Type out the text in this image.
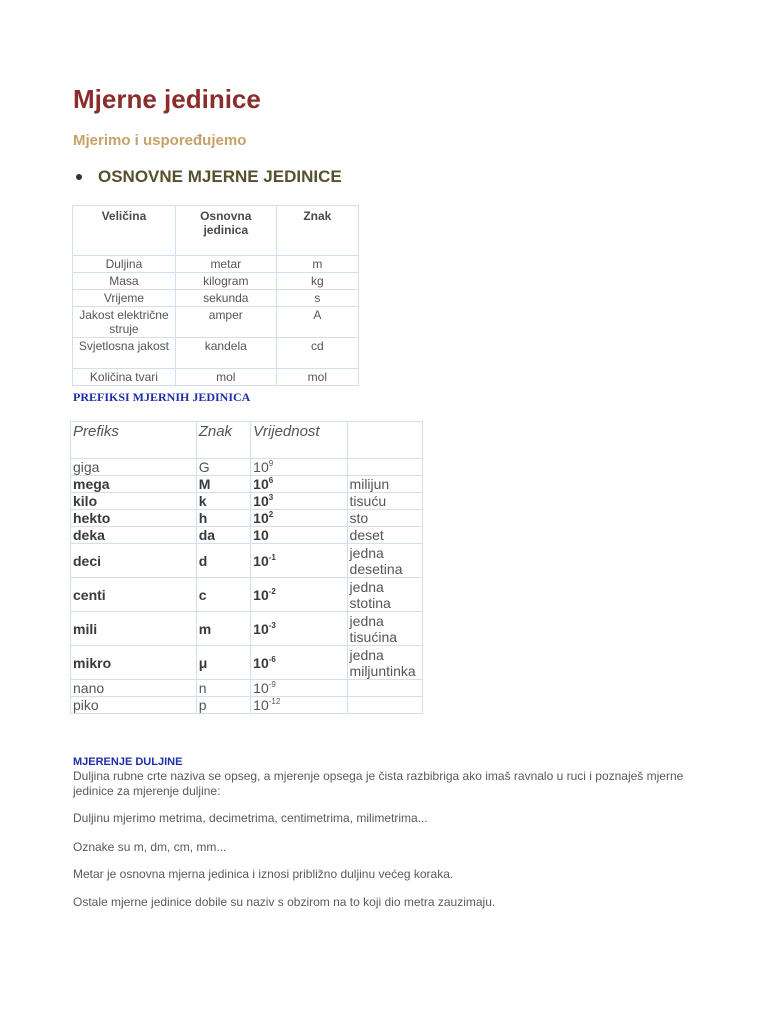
Mjerne jedinice
Mjerimo i uspoređujemo
OSNOVNE MJERNE JEDINICE
Veličina	Osnovna jedinica	Znak
Duljina	metar	m
Masa	kilogram	kg
Vrijeme	sekunda	s
Jakost električne struje	amper	A
Svjetlosna jakost	kandela	cd
Količina tvari	mol	mol
PREFIKSI MJERNIH JEDINICA
Prefiks	Znak	Vrijednost	
giga	G	$10^9$	
mega	M	$10^6$	milijun
kilo	k	$10^3$	tisuću
hekto	h	$10^2$	sto
deka	da	10	deset
deci	d	$10^{-1}$	jedna desetina
centi	c	$10^{-2}$	jedna stotina
mili	m	$10^{-3}$	jedna tisućina
mikro	μ	$10^{-6}$	jedna miljuntinka
nano	n	$10^{-9}$	
piko	p	$10^{-12}$	
MJERENJE DULJINE

Duljina rubne crte naziva se opseg, a mjerenje opsega je čista razbibriga ako imaš ravnalo u ruci i poznaješ mjerne jedinice za mjerenje duljine:

Duljinu mjerimo metrima, decimetrima, centimetrima, milimetrima...

Oznake su m, dm, cm, mm...

Metar je osnovna mjerna jedinica i iznosi približno duljinu većeg koraka.

Ostale mjerne jedinice dobile su naziv s obzirom na to koji dio metra zauzimaju.
